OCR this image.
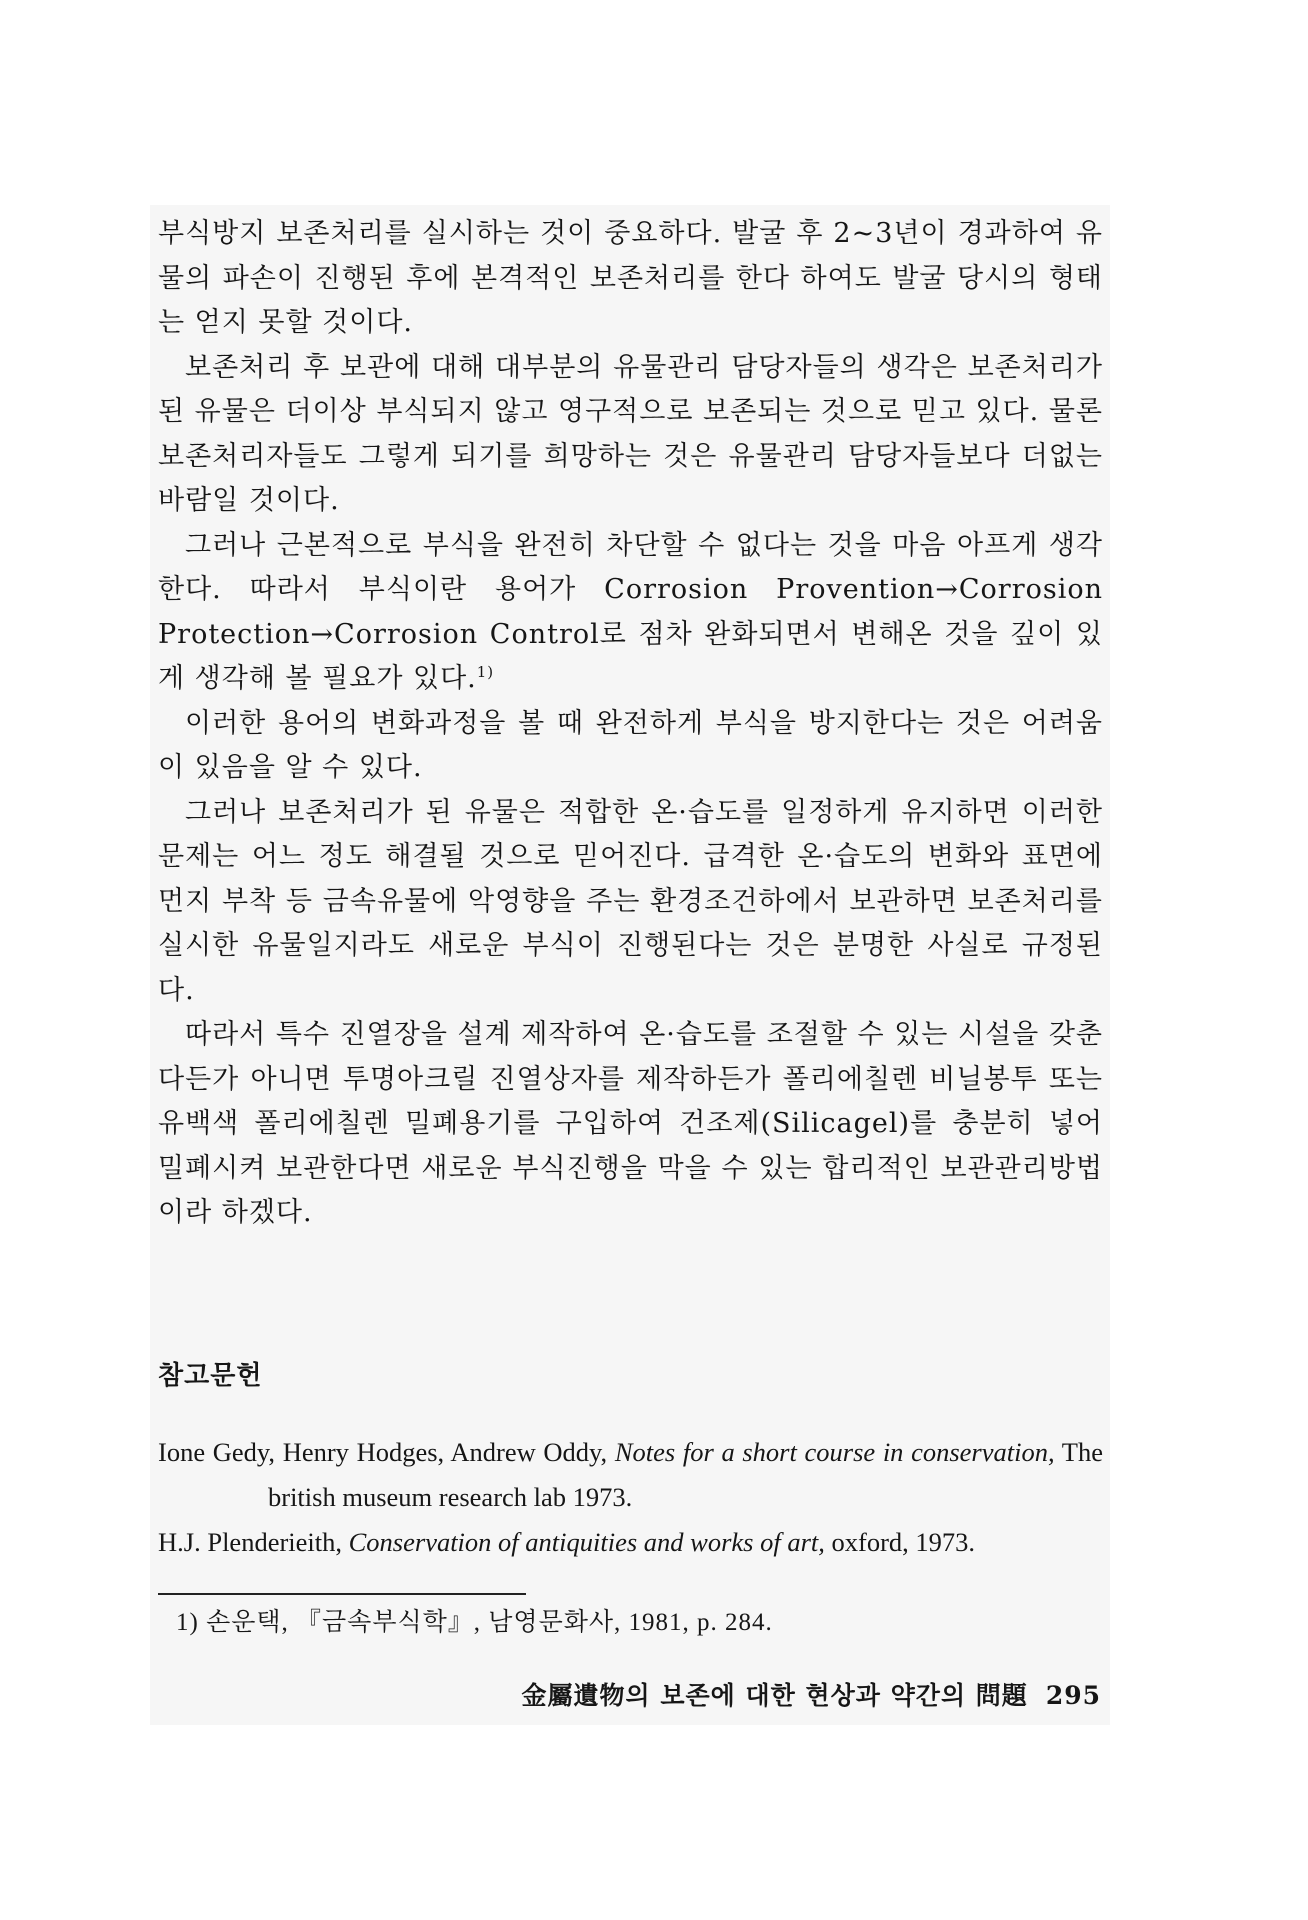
부식방지 보존처리를 실시하는 것이 중요하다. 발굴 후 2~3년이 경과하여 유물의 파손이 진행된 후에 본격적인 보존처리를 한다 하여도 발굴 당시의 형태는 얻지 못할 것이다.

보존처리 후 보관에 대해 대부분의 유물관리 담당자들의 생각은 보존처리가 된 유물은 더이상 부식되지 않고 영구적으로 보존되는 것으로 믿고 있다. 물론 보존처리자들도 그렇게 되기를 희망하는 것은 유물관리 담당자들보다 더없는 바람일 것이다.

그러나 근본적으로 부식을 완전히 차단할 수 없다는 것을 마음 아프게 생각한다. 따라서 부식이란 용어가 Corrosion Provention→Corrosion Protection→Corrosion Control로 점차 완화되면서 변해온 것을 깊이 있게 생각해 볼 필요가 있다.$^{1)}$

이러한 용어의 변화과정을 볼 때 완전하게 부식을 방지한다는 것은 어려움이 있음을 알 수 있다.

그러나 보존처리가 된 유물은 적합한 온·습도를 일정하게 유지하면 이러한 문제는 어느 정도 해결될 것으로 믿어진다. 급격한 온·습도의 변화와 표면에 먼지 부착 등 금속유물에 악영향을 주는 환경조건하에서 보관하면 보존처리를 실시한 유물일지라도 새로운 부식이 진행된다는 것은 분명한 사실로 규정된다.

따라서 특수 진열장을 설계 제작하여 온·습도를 조절할 수 있는 시설을 갖춘다든가 아니면 투명아크릴 진열상자를 제작하든가 폴리에칠렌 비닐봉투 또는 유백색 폴리에칠렌 밀폐용기를 구입하여 건조제(Silicagel)를 충분히 넣어 밀폐시켜 보관한다면 새로운 부식진행을 막을 수 있는 합리적인 보관관리방법이라 하겠다.

참고문헌

Ione Gedy, Henry Hodges, Andrew Oddy, Notes for a short course in conservation, The british museum research lab 1973.

H.J. Plenderieith, Conservation of antiquities and works of art, oxford, 1973.

1) 손운택, 『금속부식학』, 남영문화사, 1981, p. 284.
金屬遺物의 보존에 대한 현상과 약간의 問題 295
